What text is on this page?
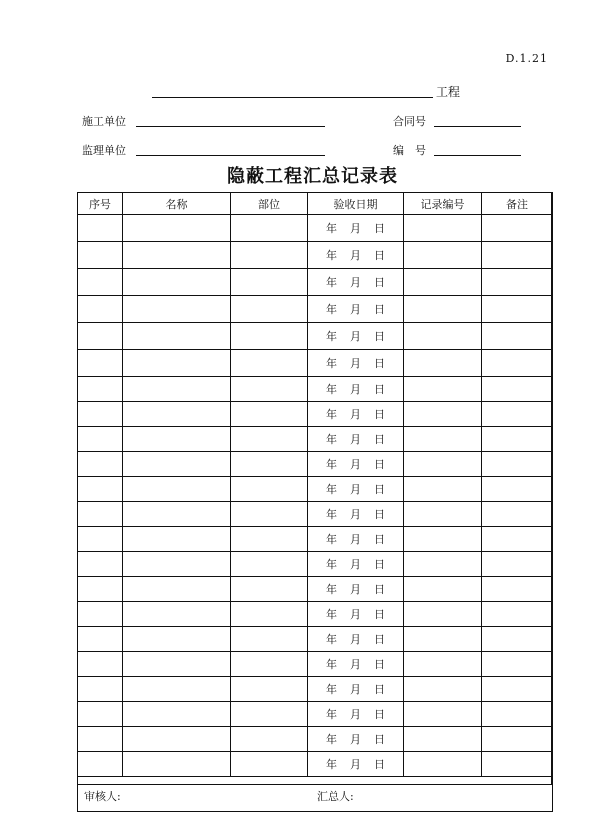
D.1.21
工程
施工单位	合同号
监理单位	编　号
隐蔽工程汇总记录表
序号	名称	部位	验收日期	记录编号	备注
			年 月 日		
			年 月 日		
			年 月 日		
			年 月 日		
			年 月 日		
			年 月 日		
			年 月 日		
			年 月 日		
			年 月 日		
			年 月 日		
			年 月 日		
			年 月 日		
			年 月 日		
			年 月 日		
			年 月 日		
			年 月 日		
			年 月 日		
			年 月 日		
			年 月 日		
			年 月 日		
			年 月 日		
			年 月 日		

审核人: 汇总人:					
